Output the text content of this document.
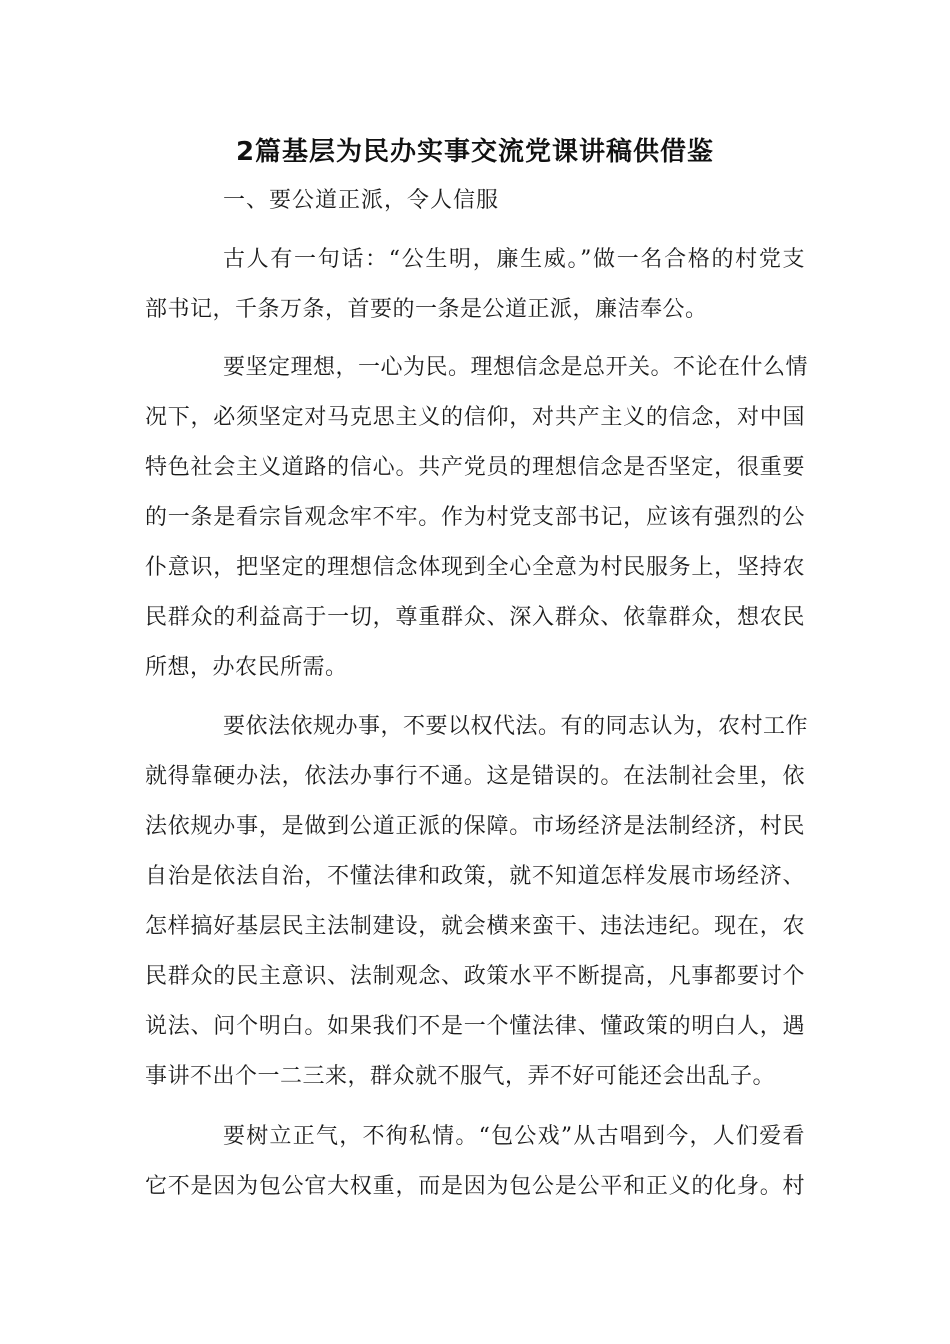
2篇基层为民办实事交流党课讲稿供借鉴
一、要公道正派，令人信服
古人有一句话：“公生明，廉生威。”做一名合格的村党支
部书记，千条万条，首要的一条是公道正派，廉洁奉公。
要坚定理想，一心为民。理想信念是总开关。不论在什么情
况下，必须坚定对马克思主义的信仰，对共产主义的信念，对中国
特色社会主义道路的信心。共产党员的理想信念是否坚定，很重要
的一条是看宗旨观念牢不牢。作为村党支部书记，应该有强烈的公
仆意识，把坚定的理想信念体现到全心全意为村民服务上，坚持农
民群众的利益高于一切，尊重群众、深入群众、依靠群众，想农民
所想，办农民所需。
要依法依规办事，不要以权代法。有的同志认为，农村工作
就得靠硬办法，依法办事行不通。这是错误的。在法制社会里，依
法依规办事，是做到公道正派的保障。市场经济是法制经济，村民
自治是依法自治，不懂法律和政策，就不知道怎样发展市场经济、
怎样搞好基层民主法制建设，就会横来蛮干、违法违纪。现在，农
民群众的民主意识、法制观念、政策水平不断提高，凡事都要讨个
说法、问个明白。如果我们不是一个懂法律、懂政策的明白人，遇
事讲不出个一二三来，群众就不服气，弄不好可能还会出乱子。
要树立正气，不徇私情。“包公戏”从古唱到今，人们爱看
它不是因为包公官大权重，而是因为包公是公平和正义的化身。村
